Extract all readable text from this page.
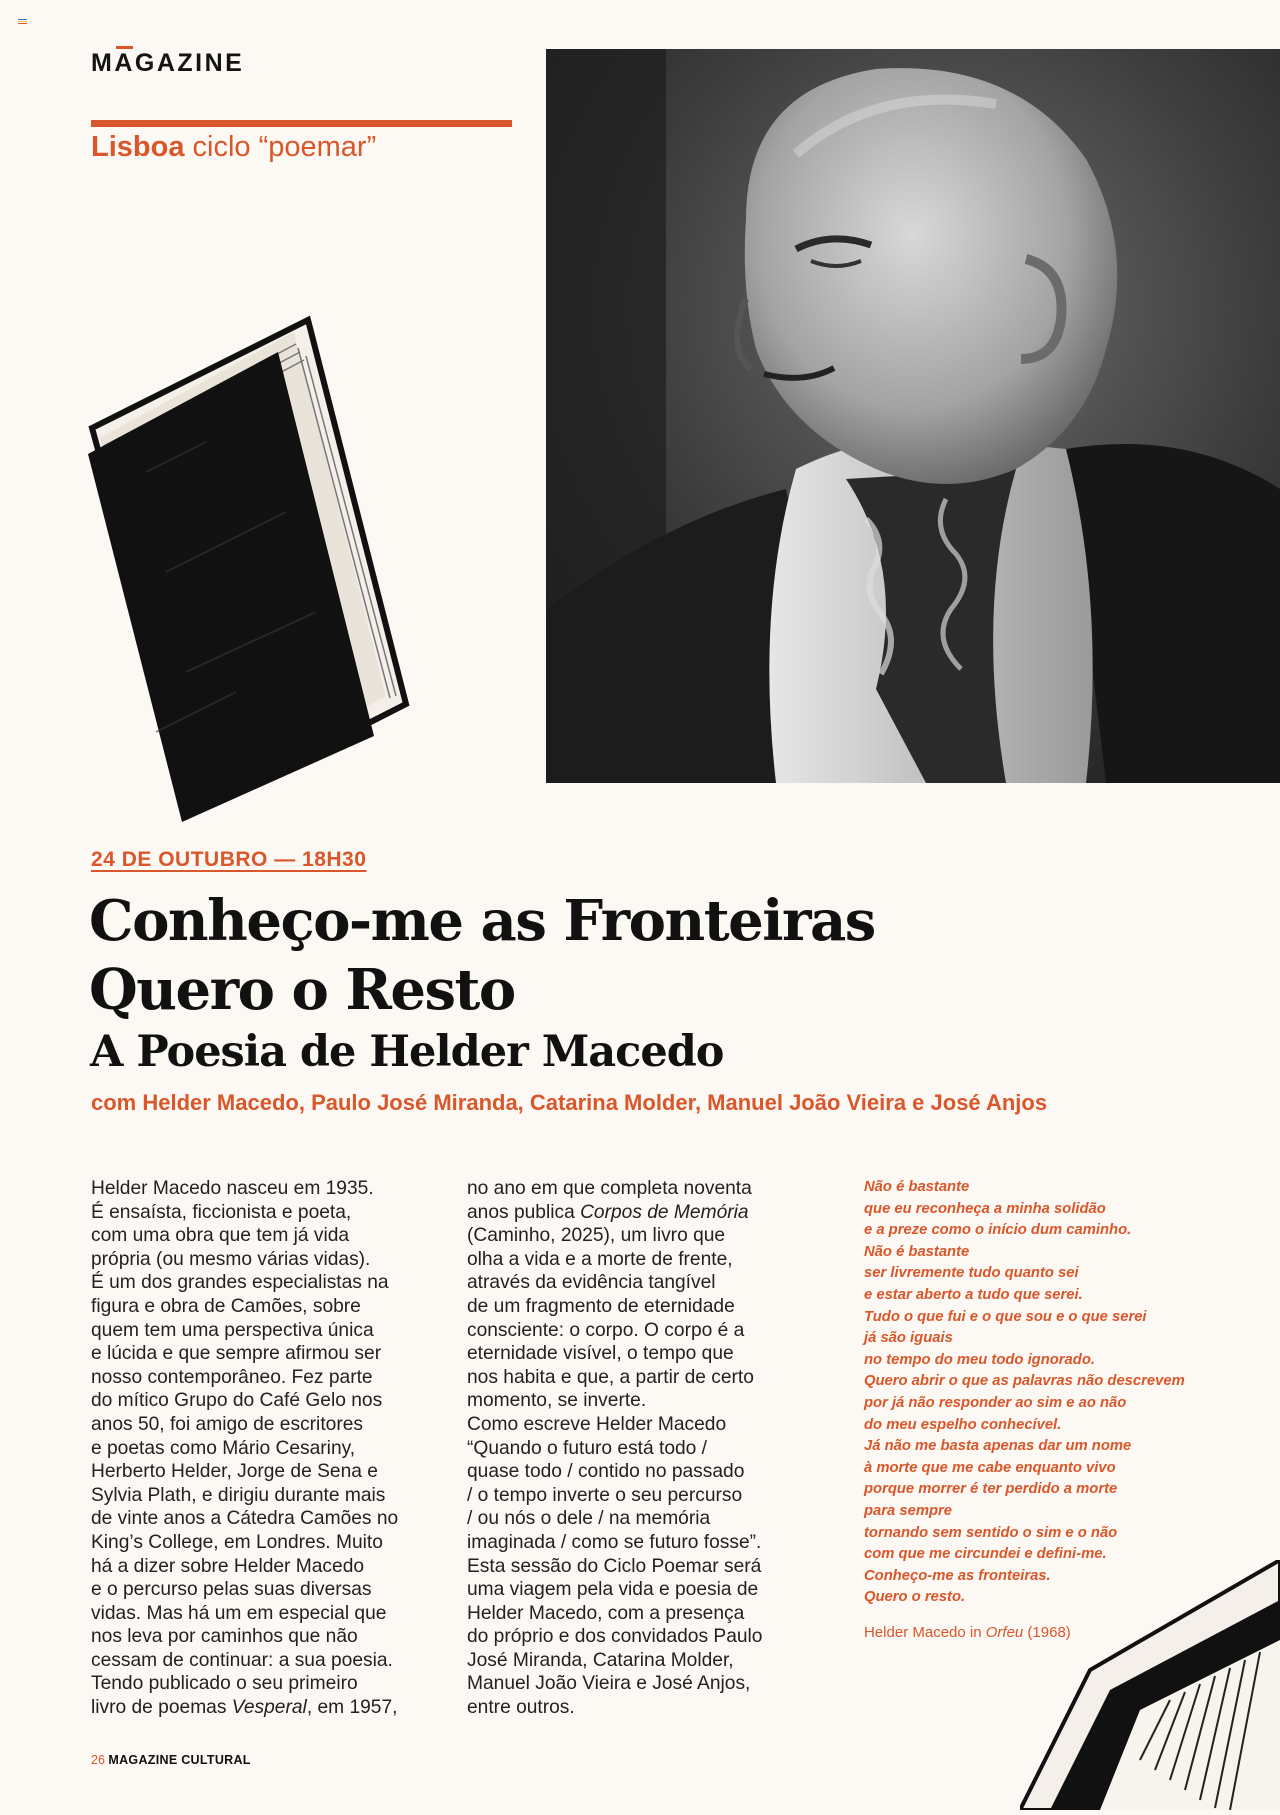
MAGAZINE
Lisboa ciclo “poemar”
24 DE OUTUBRO — 18H30
Conheço-me as Fronteiras
Quero o Resto
A Poesia de Helder Macedo
com Helder Macedo, Paulo José Miranda, Catarina Molder, Manuel João Vieira e José Anjos

Helder Macedo nasceu em 1935.

É ensaísta, ficcionista e poeta,

com uma obra que tem já vida

própria (ou mesmo várias vidas).

É um dos grandes especialistas na

figura e obra de Camões, sobre

quem tem uma perspectiva única

e lúcida e que sempre afirmou ser

nosso contemporâneo. Fez parte

do mítico Grupo do Café Gelo nos

anos 50, foi amigo de escritores

e poetas como Mário Cesariny,

Herberto Helder, Jorge de Sena e

Sylvia Plath, e dirigiu durante mais

de vinte anos a Cátedra Camões no

King’s College, em Londres. Muito

há a dizer sobre Helder Macedo

e o percurso pelas suas diversas

vidas. Mas há um em especial que

nos leva por caminhos que não

cessam de continuar: a sua poesia.

Tendo publicado o seu primeiro

livro de poemas Vesperal, em 1957,

no ano em que completa noventa

anos publica Corpos de Memória

(Caminho, 2025), um livro que

olha a vida e a morte de frente,

através da evidência tangível

de um fragmento de eternidade

consciente: o corpo. O corpo é a

eternidade visível, o tempo que

nos habita e que, a partir de certo

momento, se inverte.

Como escreve Helder Macedo

“Quando o futuro está todo /

quase todo / contido no passado

/ o tempo inverte o seu percurso

/ ou nós o dele / na memória

imaginada / como se futuro fosse”.

Esta sessão do Ciclo Poemar será

uma viagem pela vida e poesia de

Helder Macedo, com a presença

do próprio e dos convidados Paulo

José Miranda, Catarina Molder,

Manuel João Vieira e José Anjos,

entre outros.

Não é bastante
que eu reconheça a minha solidão
e a preze como o início dum caminho.
Não é bastante
ser livremente tudo quanto sei
e estar aberto a tudo que serei.
Tudo o que fui e o que sou e o que serei
já são iguais
no tempo do meu todo ignorado.
Quero abrir o que as palavras não descrevem
por já não responder ao sim e ao não
do meu espelho conhecível.
Já não me basta apenas dar um nome
à morte que me cabe enquanto vivo
porque morrer é ter perdido a morte
para sempre
tornando sem sentido o sim e o não
com que me circundei e defini-me.
Conheço-me as fronteiras.
Quero o resto.
Helder Macedo in Orfeu (1968)
26 MAGAZINE CULTURAL
